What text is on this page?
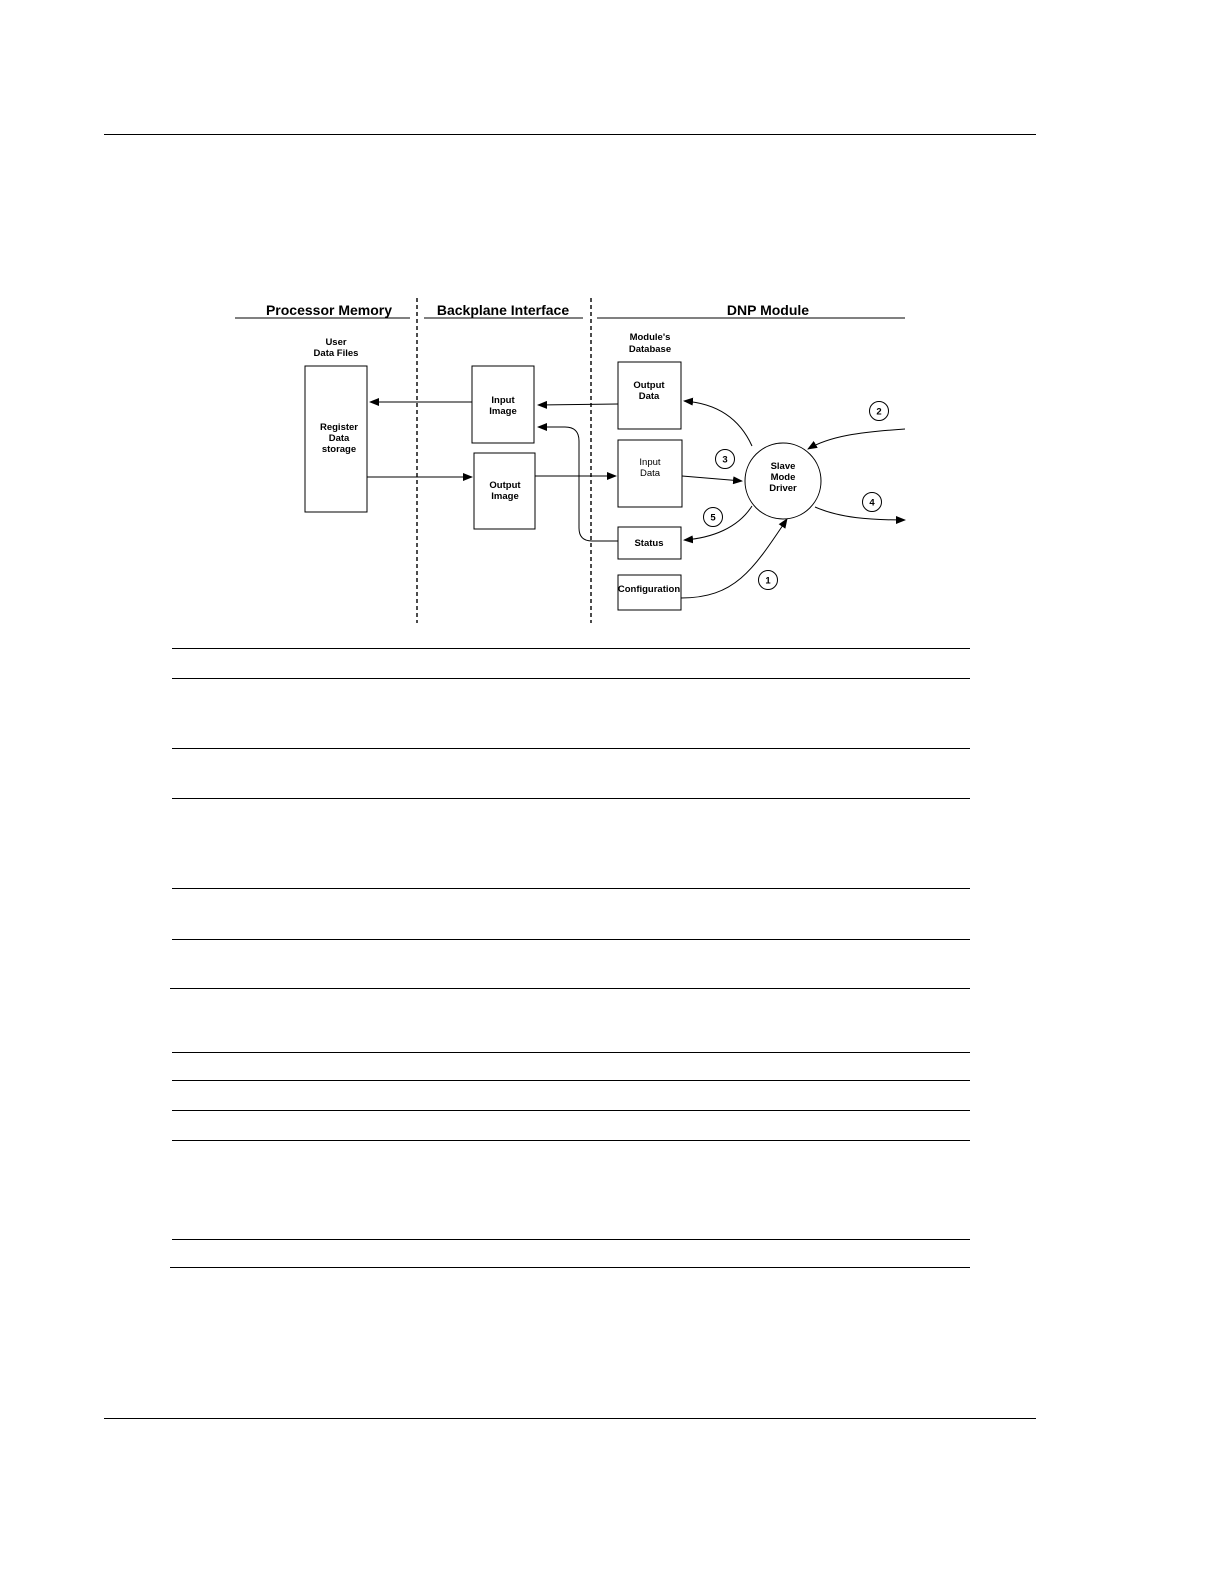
Processor Memory	Backplane Interface	DNP Module
User
Data Files
Module's
Database
Register
Data
storage
Input
Image
Output
Image
Output
Data
Input
Data
Status
Configuration
Slave
Mode
Driver
1
2
3
4
5
